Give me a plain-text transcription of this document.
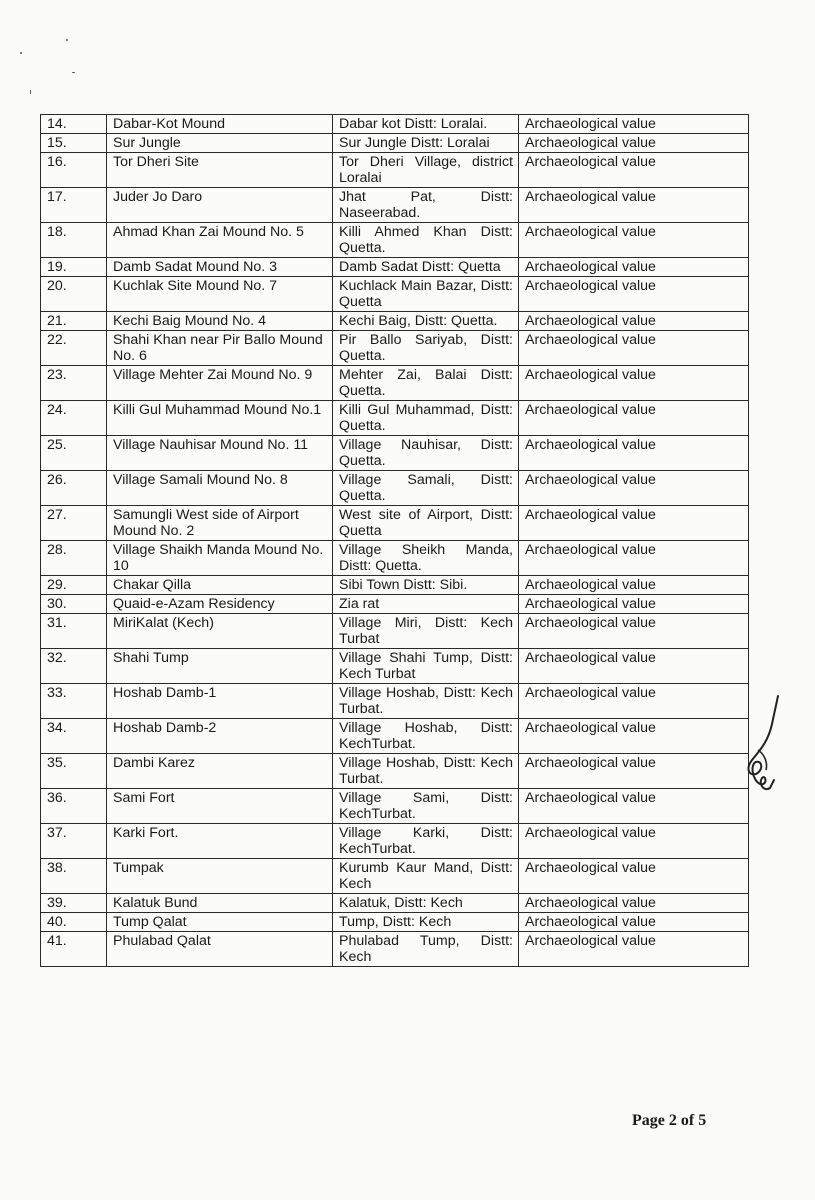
14.	Dabar-Kot Mound	Dabar kot Distt: Loralai.	Archaeological value
15.	Sur Jungle	Sur Jungle Distt: Loralai	Archaeological value
16.	Tor Dheri Site	Tor Dheri Village, district Loralai	Archaeological value
17.	Juder Jo Daro	Jhat Pat, Distt: Naseerabad.	Archaeological value
18.	Ahmad Khan Zai Mound No. 5	Killi Ahmed Khan Distt: Quetta.	Archaeological value
19.	Damb Sadat Mound No. 3	Damb Sadat Distt: Quetta	Archaeological value
20.	Kuchlak Site Mound No. 7	Kuchlack Main Bazar, Distt: Quetta	Archaeological value
21.	Kechi Baig Mound No. 4	Kechi Baig, Distt: Quetta.	Archaeological value
22.	Shahi Khan near Pir Ballo Mound No. 6	Pir Ballo Sariyab, Distt: Quetta.	Archaeological value
23.	Village Mehter Zai Mound No. 9	Mehter Zai, Balai Distt: Quetta.	Archaeological value
24.	Killi Gul Muhammad Mound No.1	Killi Gul Muhammad, Distt: Quetta.	Archaeological value
25.	Village Nauhisar Mound No. 11	Village Nauhisar, Distt: Quetta.	Archaeological value
26.	Village Samali Mound No. 8	Village Samali, Distt: Quetta.	Archaeological value
27.	Samungli West side of Airport Mound No. 2	West site of Airport, Distt: Quetta	Archaeological value
28.	Village Shaikh Manda Mound No. 10	Village Sheikh Manda, Distt: Quetta.	Archaeological value
29.	Chakar Qilla	Sibi Town Distt: Sibi.	Archaeological value
30.	Quaid-e-Azam Residency	Zia rat	Archaeological value
31.	MiriKalat (Kech)	Village Miri, Distt: Kech Turbat	Archaeological value
32.	Shahi Tump	Village Shahi Tump, Distt: Kech Turbat	Archaeological value
33.	Hoshab Damb-1	Village Hoshab, Distt: Kech Turbat.	Archaeological value
34.	Hoshab Damb-2	Village Hoshab, Distt: KechTurbat.	Archaeological value
35.	Dambi Karez	Village Hoshab, Distt: Kech Turbat.	Archaeological value
36.	Sami Fort	Village Sami, Distt: KechTurbat.	Archaeological value
37.	Karki Fort.	Village Karki, Distt: KechTurbat.	Archaeological value
38.	Tumpak	Kurumb Kaur Mand, Distt: Kech	Archaeological value
39.	Kalatuk Bund	Kalatuk, Distt: Kech	Archaeological value
40.	Tump Qalat	Tump, Distt: Kech	Archaeological value
41.	Phulabad Qalat	Phulabad Tump, Distt: Kech	Archaeological value
Page 2 of 5
